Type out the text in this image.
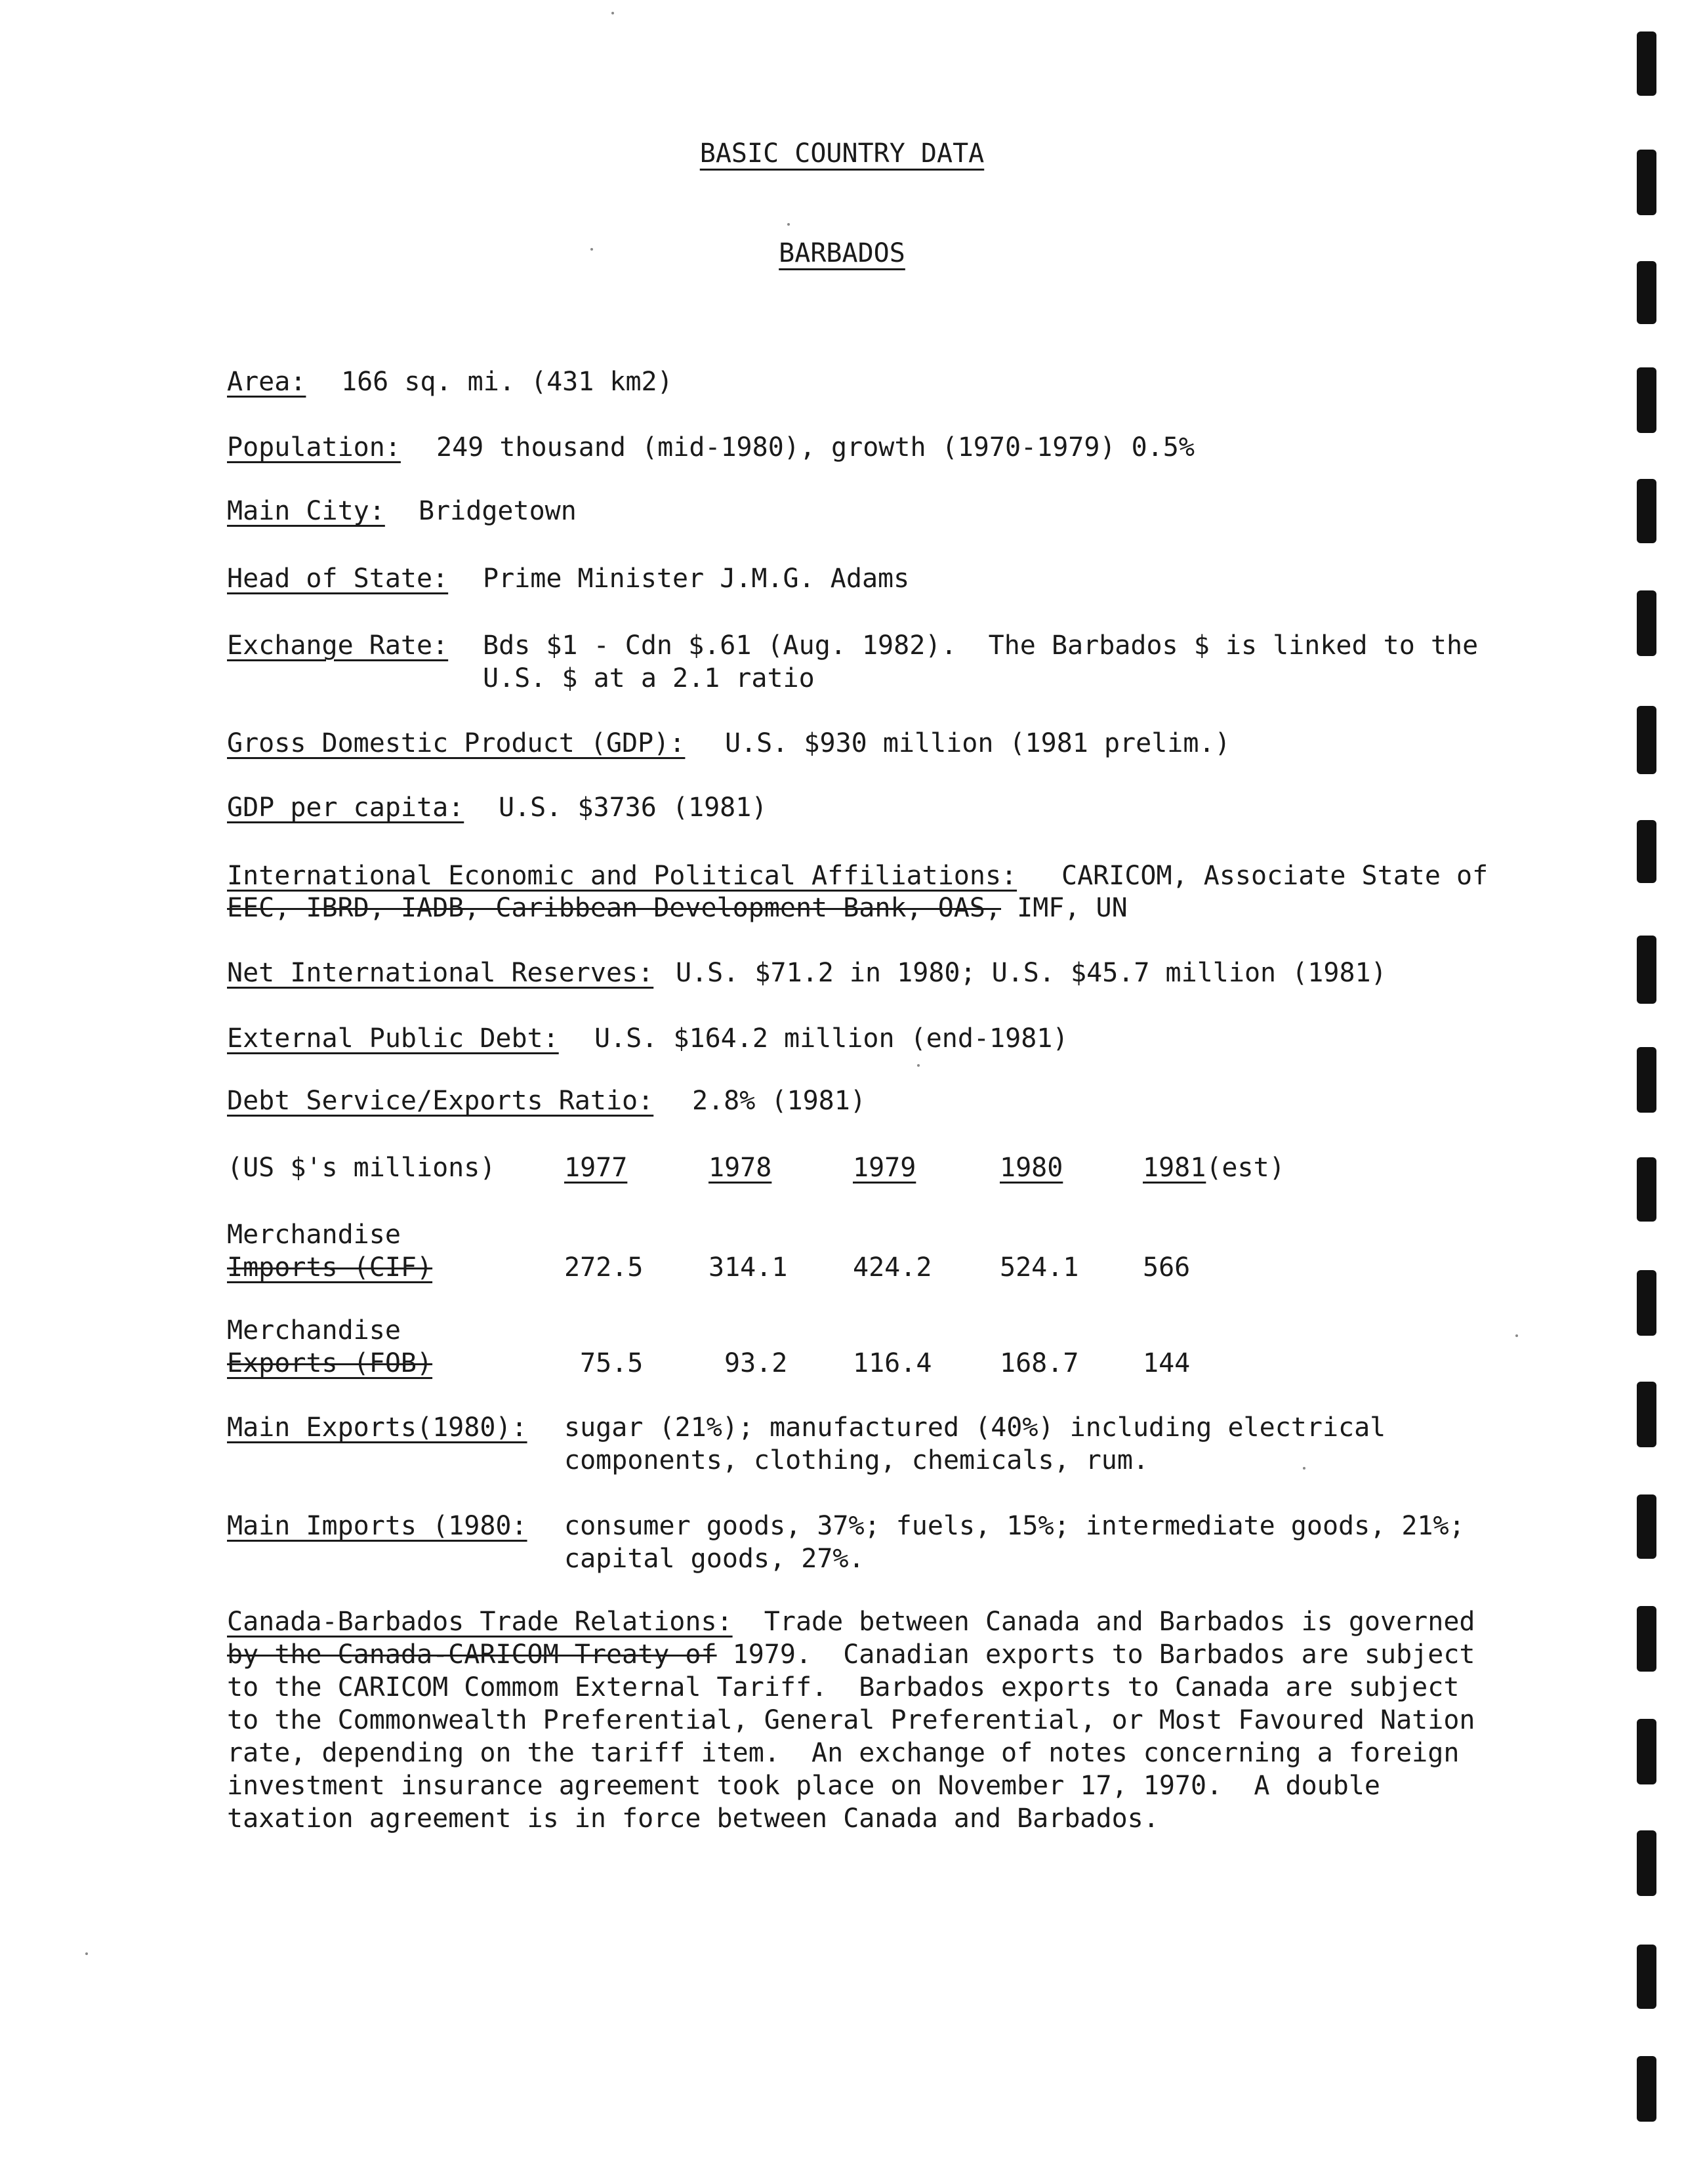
BASIC COUNTRY DATA
BARBADOS
Area: 166 sq. mi. (431 km2)
Population: 249 thousand (mid-1980), growth (1970-1979) 0.5%
Main City: Bridgetown
Head of State: Prime Minister J.M.G. Adams
Exchange Rate: Bds $1 - Cdn $.61 (Aug. 1982).  The Barbados $ is linked to the
U.S. $ at a 2.1 ratio
Gross Domestic Product (GDP): U.S. $930 million (1981 prelim.)
GDP per capita: U.S. $3736 (1981)
International Economic and Political Affiliations: CARICOM, Associate State of
EEC, IBRD, IADB, Caribbean Development Bank, OAS, IMF, UN
Net International Reserves: U.S. $71.2 in 1980; U.S. $45.7 million (1981)
External Public Debt: U.S. $164.2 million (end-1981)
Debt Service/Exports Ratio: 2.8% (1981)
(US $'s millions)	1977	1978	1979	1980	1981(est)
Merchandise
Imports (CIF)	272.5 314.1 424.2	524.1 566
Merchandise
Exports (FOB)	75.5	93.2 116.4	168.7 144
Main Exports(1980): sugar (21%); manufactured (40%) including electrical
components, clothing, chemicals, rum.
Main Imports (1980: consumer goods, 37%; fuels, 15%; intermediate goods, 21%;
capital goods, 27%.
Canada-Barbados Trade Relations: Trade between Canada and Barbados is governed
by the Canada-CARICOM Treaty of 1979.  Canadian exports to Barbados are subject
to the CARICOM Commom External Tariff.  Barbados exports to Canada are subject
to the Commonwealth Preferential, General Preferential, or Most Favoured Nation
rate, depending on the tariff item.  An exchange of notes concerning a foreign
investment insurance agreement took place on November 17, 1970.  A double
taxation agreement is in force between Canada and Barbados.
